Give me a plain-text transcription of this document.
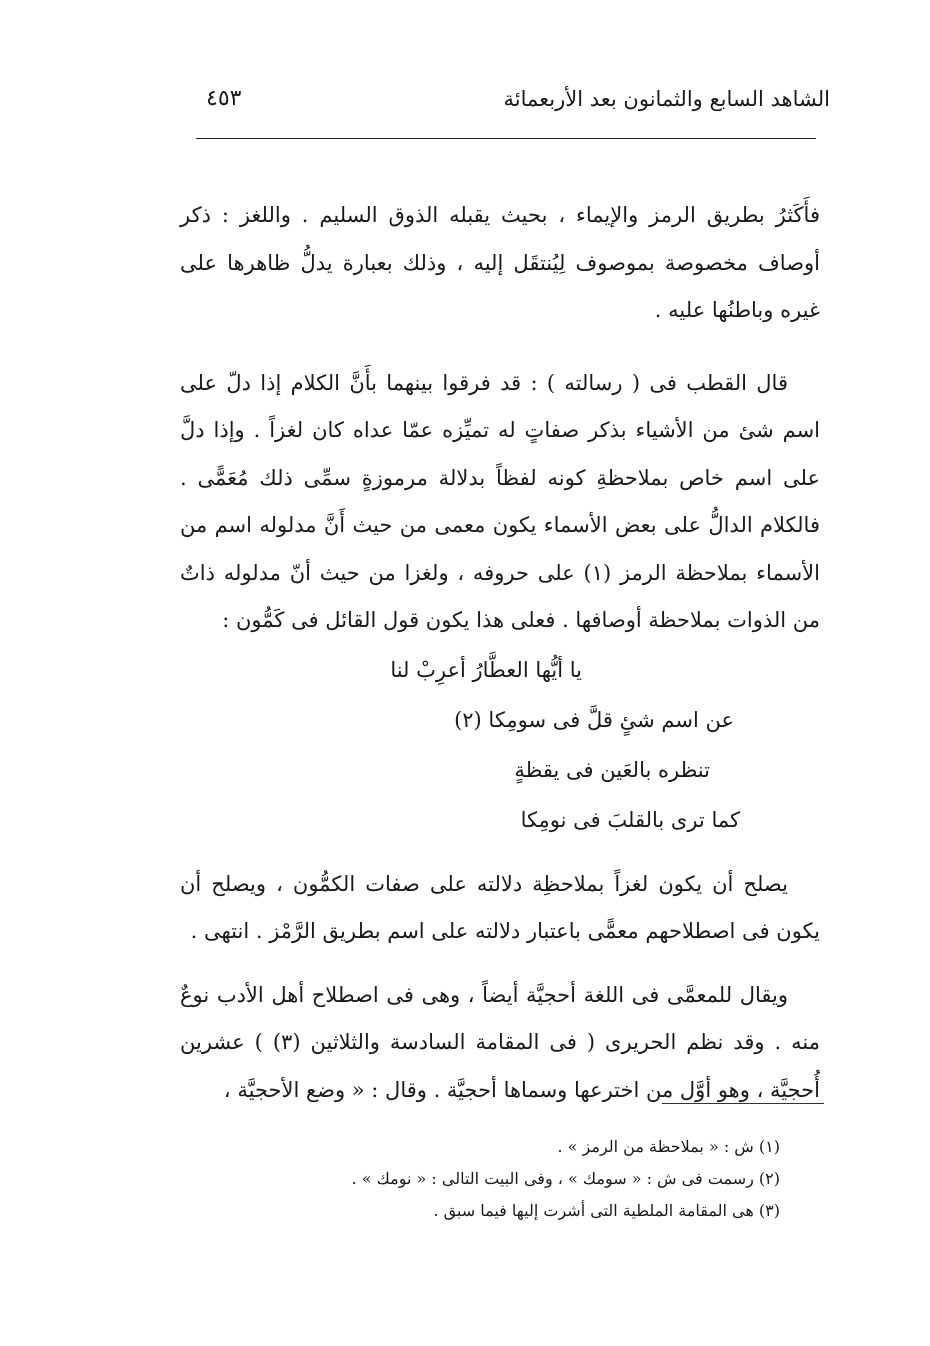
الشاهد السابع والثمانون بعد الأربعمائة
٤٥٣

فأَكَثرُ بطريق الرمز والإيماء ، بحيث يقبله الذوق السليم . واللغز : ذكر أوصاف مخصوصة بموصوف لِيُنتقَل إليه ، وذلك بعبارة يدلُّ ظاهرها على غيره وباطنُها عليه .

قال القطب فى ( رسالته ) : قد فرقوا بينهما بأَنَّ الكلام إذا دلّ على اسم شئ من الأشياء بذكر صفاتٍ له تميِّزه عمّا عداه كان لغزاً . وإذا دلَّ على اسم خاص بملاحظةِ كونه لفظاً بدلالة مرموزةٍ سمِّى ذلك مُعَمًّى . فالكلام الدالُّ على بعض الأسماء يكون معمى من حيث أَنَّ مدلوله اسم من الأسماء بملاحظة الرمز (١) على حروفه ، ولغزا من حيث أنّ مدلوله ذاتٌ من الذوات بملاحظة أوصافها . فعلى هذا يكون قول القائل فى كَمُّون :

يا أيُّها العطَّارُ أعرِبْ لنا

عن اسم شئٍ قلَّ فى سومِكا (٢)

تنظره بالعَين فى يقظةٍ

كما ترى بالقلبَ فى نومِكا

يصلح أن يكون لغزاً بملاحظِة دلالته على صفات الكمُّون ، ويصلح أن يكون فى اصطلاحهم معمًّى باعتبار دلالته على اسم بطريق الرَّمْز . انتهى .

ويقال للمعمَّى فى اللغة أحجيَّة أيضاً ، وهى فى اصطلاح أهل الأدب نوعٌ منه . وقد نظم الحريرى ( فى المقامة السادسة والثلاثين (٣) ) عشرين أُحجيَّة ، وهو أوَّل من اخترعها وسماها أحجيَّة . وقال : « وضع الأحجيَّة ،

(١) ش : « بملاحظة من الرمز » .

(٢) رسمت فى ش : « سومك » ، وفى البيت التالى : « نومك » .

(٣) هى المقامة الملطية التى أشرت إليها فيما سبق .
